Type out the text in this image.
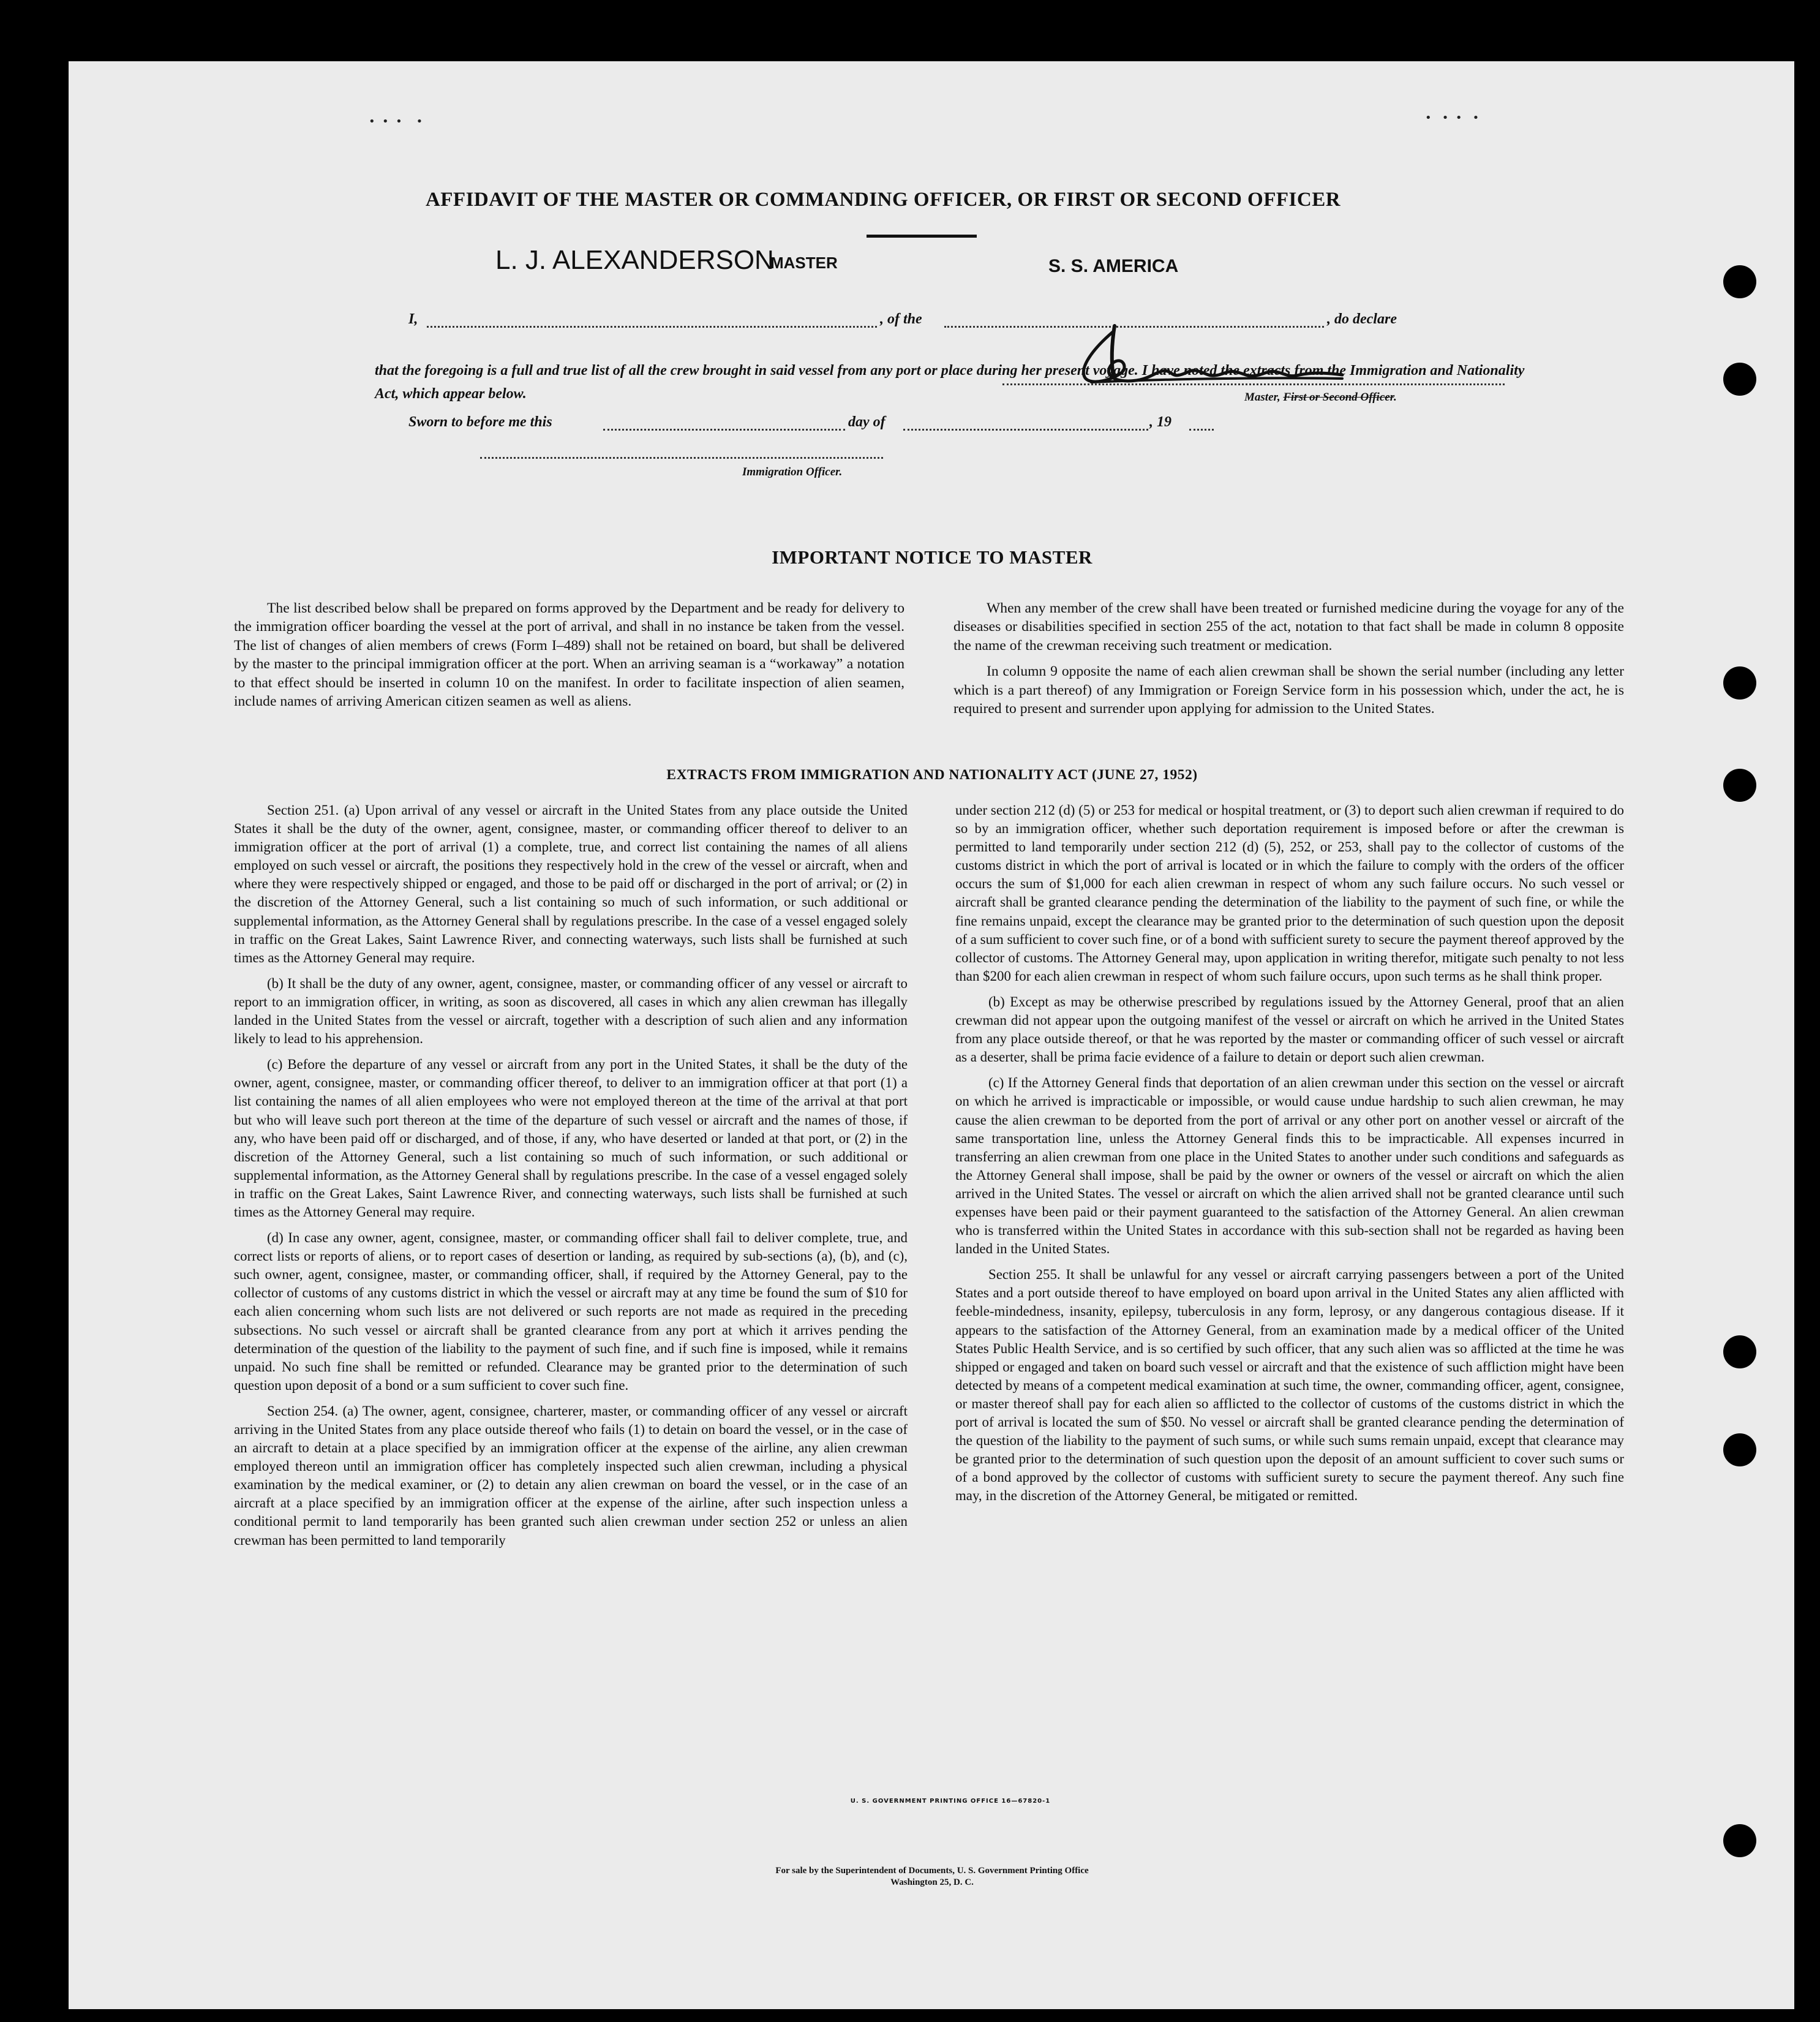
•  •  •    •	•   •  •   •
AFFIDAVIT OF THE MASTER OR COMMANDING OFFICER, OR FIRST OR SECOND OFFICER
I,	, of the	, do declare
L. J. ALEXANDERSON
MASTER	S. S. AMERICA
that the foregoing is a full and true list of all the crew brought in said vessel from any port or place during her present voyage. I have noted the extracts from the Immigration and Nationality Act, which appear below.	Master, First or Second Officer.
Sworn to before me this	day of	, 19
Immigration Officer.
IMPORTANT NOTICE TO MASTER

The list described below shall be prepared on forms approved by the Department and be ready for delivery to the immigration officer boarding the vessel at the port of arrival, and shall in no instance be taken from the vessel. The list of changes of alien members of crews (Form I–489) shall not be retained on board, but shall be delivered by the master to the principal immigration officer at the port. When an arriving seaman is a “workaway” a notation to that effect should be inserted in column 10 on the manifest. In order to facilitate inspection of alien seamen, include names of arriving American citizen seamen as well as aliens.

When any member of the crew shall have been treated or furnished medicine during the voyage for any of the diseases or disabilities specified in section 255 of the act, notation to that fact shall be made in column 8 opposite the name of the crewman receiving such treatment or medication.

In column 9 opposite the name of each alien crewman shall be shown the serial number (including any letter which is a part thereof) of any Immigration or Foreign Service form in his possession which, under the act, he is required to present and surrender upon applying for admission to the United States.

EXTRACTS FROM IMMIGRATION AND NATIONALITY ACT (JUNE 27, 1952)

Section 251. (a) Upon arrival of any vessel or aircraft in the United States from any place outside the United States it shall be the duty of the owner, agent, consignee, master, or commanding officer thereof to deliver to an immigration officer at the port of arrival (1) a complete, true, and correct list containing the names of all aliens employed on such vessel or aircraft, the positions they respectively hold in the crew of the vessel or aircraft, when and where they were respectively shipped or engaged, and those to be paid off or discharged in the port of arrival; or (2) in the discretion of the Attorney General, such a list containing so much of such information, or such additional or supplemental information, as the Attorney General shall by regulations prescribe. In the case of a vessel engaged solely in traffic on the Great Lakes, Saint Lawrence River, and connecting waterways, such lists shall be furnished at such times as the Attorney General may require.

(b) It shall be the duty of any owner, agent, consignee, master, or commanding officer of any vessel or aircraft to report to an immigration officer, in writing, as soon as discovered, all cases in which any alien crewman has illegally landed in the United States from the vessel or aircraft, together with a description of such alien and any information likely to lead to his apprehension.

(c) Before the departure of any vessel or aircraft from any port in the United States, it shall be the duty of the owner, agent, consignee, master, or commanding officer thereof, to deliver to an immigration officer at that port (1) a list containing the names of all alien employees who were not employed thereon at the time of the arrival at that port but who will leave such port thereon at the time of the departure of such vessel or aircraft and the names of those, if any, who have been paid off or discharged, and of those, if any, who have deserted or landed at that port, or (2) in the discretion of the Attorney General, such a list containing so much of such information, or such additional or supplemental information, as the Attorney General shall by regulations prescribe. In the case of a vessel engaged solely in traffic on the Great Lakes, Saint Lawrence River, and connecting waterways, such lists shall be furnished at such times as the Attorney General may require.

(d) In case any owner, agent, consignee, master, or commanding officer shall fail to deliver complete, true, and correct lists or reports of aliens, or to report cases of desertion or landing, as required by sub-sections (a), (b), and (c), such owner, agent, consignee, master, or commanding officer, shall, if required by the Attorney General, pay to the collector of customs of any customs district in which the vessel or aircraft may at any time be found the sum of $10 for each alien concerning whom such lists are not delivered or such reports are not made as required in the preceding subsections. No such vessel or aircraft shall be granted clearance from any port at which it arrives pending the determination of the question of the liability to the payment of such fine, and if such fine is imposed, while it remains unpaid. No such fine shall be remitted or refunded. Clearance may be granted prior to the determination of such question upon deposit of a bond or a sum sufficient to cover such fine.

Section 254. (a) The owner, agent, consignee, charterer, master, or commanding officer of any vessel or aircraft arriving in the United States from any place outside thereof who fails (1) to detain on board the vessel, or in the case of an aircraft to detain at a place specified by an immigration officer at the expense of the airline, any alien crewman employed thereon until an immigration officer has completely inspected such alien crewman, including a physical examination by the medical examiner, or (2) to detain any alien crewman on board the vessel, or in the case of an aircraft at a place specified by an immigration officer at the expense of the airline, after such inspection unless a conditional permit to land temporarily has been granted such alien crewman under section 252 or unless an alien crewman has been permitted to land temporarily

under section 212 (d) (5) or 253 for medical or hospital treatment, or (3) to deport such alien crewman if required to do so by an immigration officer, whether such deportation requirement is imposed before or after the crewman is permitted to land temporarily under section 212 (d) (5), 252, or 253, shall pay to the collector of customs of the customs district in which the port of arrival is located or in which the failure to comply with the orders of the officer occurs the sum of $1,000 for each alien crewman in respect of whom any such failure occurs. No such vessel or aircraft shall be granted clearance pending the determination of the liability to the payment of such fine, or while the fine remains unpaid, except the clearance may be granted prior to the determination of such question upon the deposit of a sum sufficient to cover such fine, or of a bond with sufficient surety to secure the payment thereof approved by the collector of customs. The Attorney General may, upon application in writing therefor, mitigate such penalty to not less than $200 for each alien crewman in respect of whom such failure occurs, upon such terms as he shall think proper.

(b) Except as may be otherwise prescribed by regulations issued by the Attorney General, proof that an alien crewman did not appear upon the outgoing manifest of the vessel or aircraft on which he arrived in the United States from any place outside thereof, or that he was reported by the master or commanding officer of such vessel or aircraft as a deserter, shall be prima facie evidence of a failure to detain or deport such alien crewman.

(c) If the Attorney General finds that deportation of an alien crewman under this section on the vessel or aircraft on which he arrived is impracticable or impossible, or would cause undue hardship to such alien crewman, he may cause the alien crewman to be deported from the port of arrival or any other port on another vessel or aircraft of the same transportation line, unless the Attorney General finds this to be impracticable. All expenses incurred in transferring an alien crewman from one place in the United States to another under such conditions and safeguards as the Attorney General shall impose, shall be paid by the owner or owners of the vessel or aircraft on which the alien arrived in the United States. The vessel or aircraft on which the alien arrived shall not be granted clearance until such expenses have been paid or their payment guaranteed to the satisfaction of the Attorney General. An alien crewman who is transferred within the United States in accordance with this sub-section shall not be regarded as having been landed in the United States.

Section 255. It shall be unlawful for any vessel or aircraft carrying passengers between a port of the United States and a port outside thereof to have employed on board upon arrival in the United States any alien afflicted with feeble-mindedness, insanity, epilepsy, tuberculosis in any form, leprosy, or any dangerous contagious disease. If it appears to the satisfaction of the Attorney General, from an examination made by a medical officer of the United States Public Health Service, and is so certified by such officer, that any such alien was so afflicted at the time he was shipped or engaged and taken on board such vessel or aircraft and that the existence of such affliction might have been detected by means of a competent medical examination at such time, the owner, commanding officer, agent, consignee, or master thereof shall pay for each alien so afflicted to the collector of customs of the customs district in which the port of arrival is located the sum of $50. No vessel or aircraft shall be granted clearance pending the determination of the question of the liability to the payment of such sums, or while such sums remain unpaid, except that clearance may be granted prior to the determination of such question upon the deposit of an amount sufficient to cover such sums or of a bond approved by the collector of customs with sufficient surety to secure the payment thereof. Any such fine may, in the discretion of the Attorney General, be mitigated or remitted.

U. S. GOVERNMENT PRINTING OFFICE 16—67820-1
For sale by the Superintendent of Documents, U. S. Government Printing Office
Washington 25, D. C.
